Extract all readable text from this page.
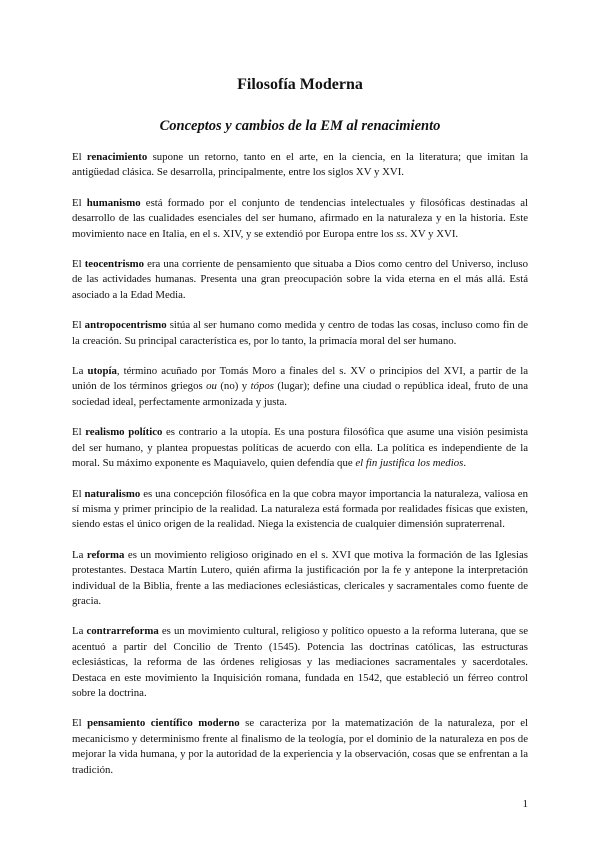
Filosofía Moderna
Conceptos y cambios de la EM al renacimiento

El renacimiento supone un retorno, tanto en el arte, en la ciencia, en la literatura; que imitan la antigüedad clásica. Se desarrolla, principalmente, entre los siglos XV y XVI.

El humanismo está formado por el conjunto de tendencias intelectuales y filosóficas destinadas al desarrollo de las cualidades esenciales del ser humano, afirmado en la naturaleza y en la historia. Este movimiento nace en Italia, en el s. XIV, y se extendió por Europa entre los ss. XV y XVI.

El teocentrismo era una corriente de pensamiento que situaba a Dios como centro del Universo, incluso de las actividades humanas. Presenta una gran preocupación sobre la vida eterna en el más allá. Está asociado a la Edad Media.

El antropocentrismo sitúa al ser humano como medida y centro de todas las cosas, incluso como fin de la creación. Su principal característica es, por lo tanto, la primacía moral del ser humano.

La utopía, término acuñado por Tomás Moro a finales del s. XV o principios del XVI, a partir de la unión de los términos griegos ou (no) y tópos (lugar); define una ciudad o república ideal, fruto de una sociedad ideal, perfectamente armonizada y justa.

El realismo político es contrario a la utopía. Es una postura filosófica que asume una visión pesimista del ser humano, y plantea propuestas políticas de acuerdo con ella. La política es independiente de la moral. Su máximo exponente es Maquiavelo, quien defendía que el fin justifica los medios.

El naturalismo es una concepción filosófica en la que cobra mayor importancia la naturaleza, valiosa en sí misma y primer principio de la realidad. La naturaleza está formada por realidades físicas que existen, siendo estas el único origen de la realidad. Niega la existencia de cualquier dimensión supraterrenal.

La reforma es un movimiento religioso originado en el s. XVI que motiva la formación de las Iglesias protestantes. Destaca Martín Lutero, quién afirma la justificación por la fe y antepone la interpretación individual de la Biblia, frente a las mediaciones eclesiásticas, clericales y sacramentales como fuente de gracia.

La contrarreforma es un movimiento cultural, religioso y político opuesto a la reforma luterana, que se acentuó a partir del Concilio de Trento (1545). Potencia las doctrinas católicas, las estructuras eclesiásticas, la reforma de las órdenes religiosas y las mediaciones sacramentales y sacerdotales. Destaca en este movimiento la Inquisición romana, fundada en 1542, que estableció un férreo control sobre la doctrina.

El pensamiento científico moderno se caracteriza por la matematización de la naturaleza, por el mecanicismo y determinismo frente al finalismo de la teología, por el dominio de la naturaleza en pos de mejorar la vida humana, y por la autoridad de la experiencia y la observación, cosas que se enfrentan a la tradición.

1
